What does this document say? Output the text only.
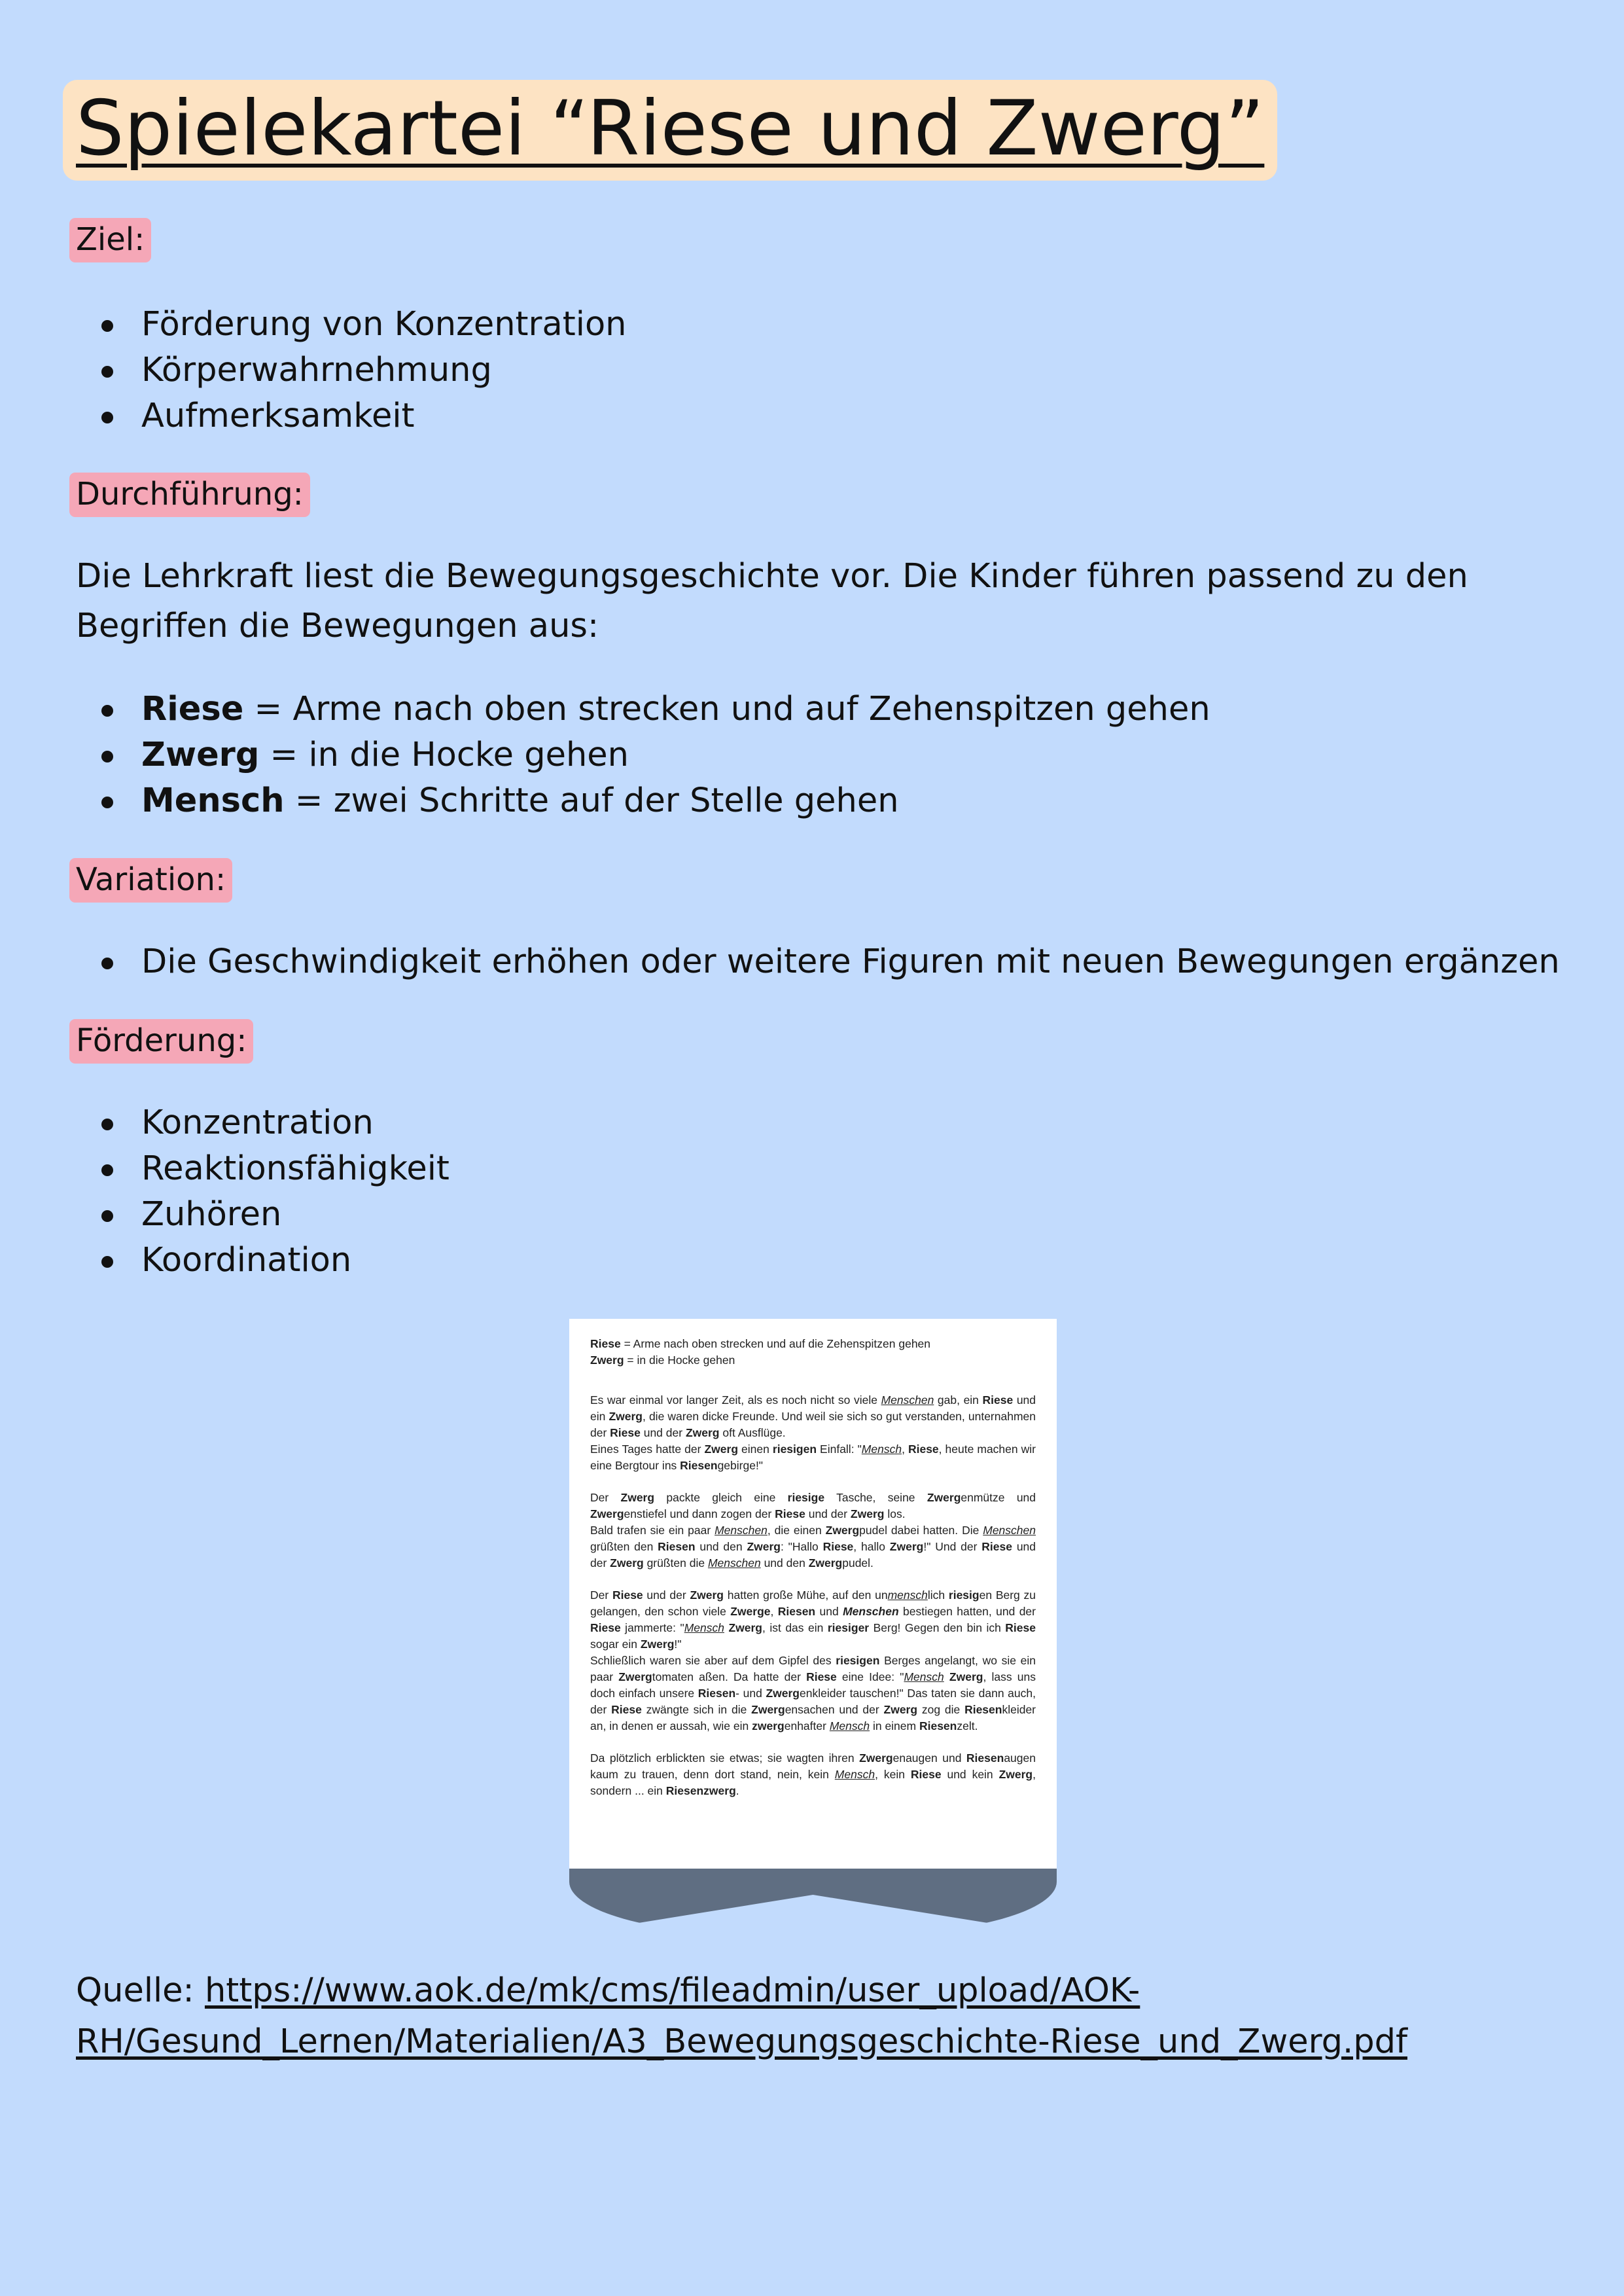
Spielekartei “Riese und Zwerg”
Ziel:
Förderung von Konzentration
Körperwahrnehmung
Aufmerksamkeit
Durchführung:
Die Lehrkraft liest die Bewegungsgeschichte vor. Die Kinder führen passend zu den Begriffen die Bewegungen aus:
Riese = Arme nach oben strecken und auf Zehenspitzen gehen
Zwerg = in die Hocke gehen
Mensch = zwei Schritte auf der Stelle gehen
Variation:
Die Geschwindigkeit erhöhen oder weitere Figuren mit neuen Bewegungen ergänzen
Förderung:
Konzentration
Reaktionsfähigkeit
Zuhören
Koordination

Riese = Arme nach oben strecken und auf die Zehenspitzen gehen
Zwerg = in die Hocke gehen

Es war einmal vor langer Zeit, als es noch nicht so viele Menschen gab, ein Riese und ein Zwerg, die waren dicke Freunde. Und weil sie sich so gut verstanden, unternahmen der Riese und der Zwerg oft Ausflüge.
Eines Tages hatte der Zwerg einen riesigen Einfall: "Mensch, Riese, heute machen wir eine Bergtour ins Riesengebirge!"

Der Zwerg packte gleich eine riesige Tasche, seine Zwergenmütze und Zwergenstiefel und dann zogen der Riese und der Zwerg los.
Bald trafen sie ein paar Menschen, die einen Zwergpudel dabei hatten. Die Menschen grüßten den Riesen und den Zwerg: "Hallo Riese, hallo Zwerg!" Und der Riese und der Zwerg grüßten die Menschen und den Zwergpudel.

Der Riese und der Zwerg hatten große Mühe, auf den unmenschlich riesigen Berg zu gelangen, den schon viele Zwerge, Riesen und Menschen bestiegen hatten, und der Riese jammerte: "Mensch Zwerg, ist das ein riesiger Berg! Gegen den bin ich Riese sogar ein Zwerg!"
Schließlich waren sie aber auf dem Gipfel des riesigen Berges angelangt, wo sie ein paar Zwergtomaten aßen. Da hatte der Riese eine Idee: "Mensch Zwerg, lass uns doch einfach unsere Riesen- und Zwergenkleider tauschen!" Das taten sie dann auch, der Riese zwängte sich in die Zwergensachen und der Zwerg zog die Riesenkleider an, in denen er aussah, wie ein zwergenhafter Mensch in einem Riesenzelt.

Da plötzlich erblickten sie etwas; sie wagten ihren Zwergenaugen und Riesenaugen kaum zu trauen, denn dort stand, nein, kein Mensch, kein Riese und kein Zwerg, sondern ... ein Riesenzwerg.

Quelle: https://www.aok.de/mk/cms/fileadmin/user_upload/AOK-
RH/Gesund_Lernen/Materialien/A3_Bewegungsgeschichte-Riese_und_Zwerg.pdf
